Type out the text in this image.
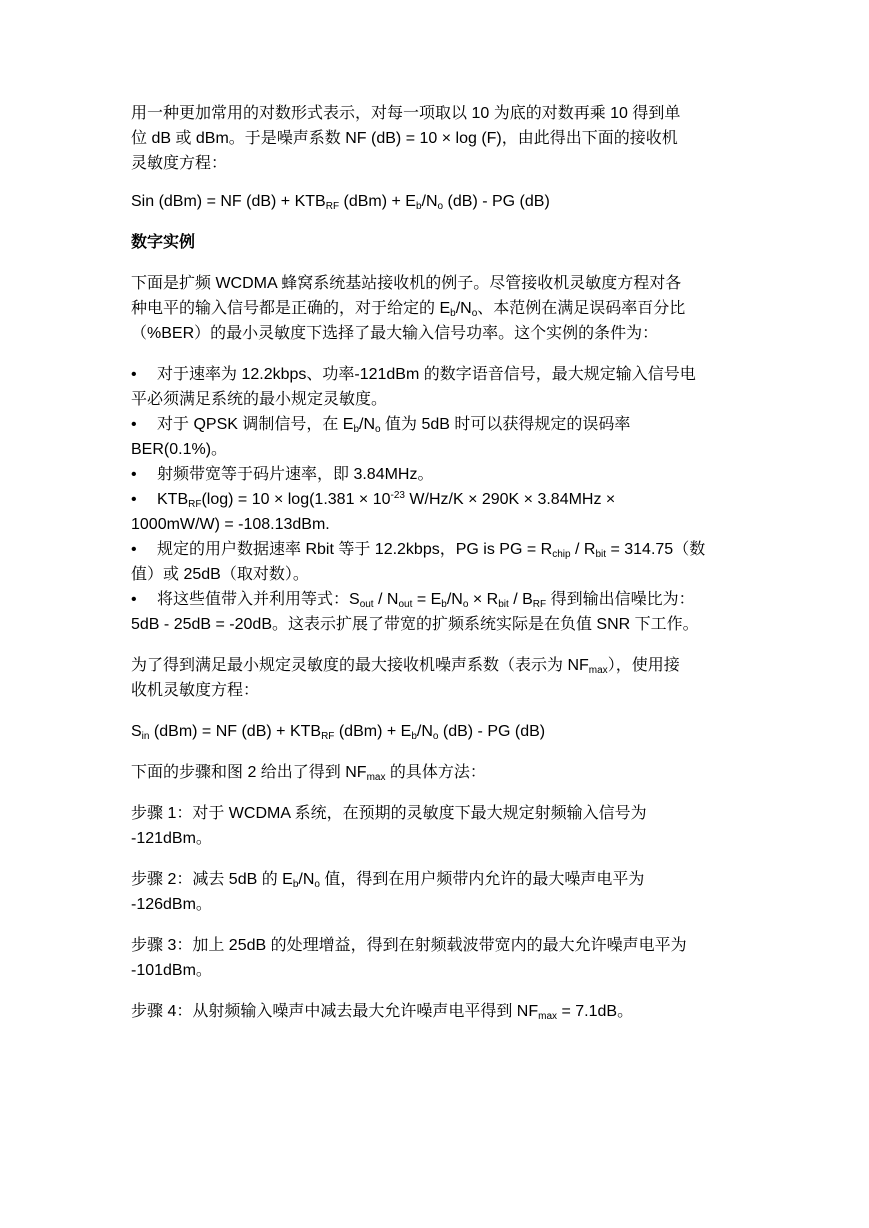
用一种更加常用的对数形式表示，对每一项取以 10 为底的对数再乘 10 得到单
位 dB 或 dBm。于是噪声系数 NF (dB) = 10 × log (F)，由此得出下面的接收机
灵敏度方程：

Sin (dBm) = NF $(dB) + KTB_{RF}$ $(dBm) + E_b/N_o$ (dB) - PG (dB)

数字实例

下面是扩频 WCDMA 蜂窝系统基站接收机的例子。尽管接收机灵敏度方程对各
种电平的输入信号都是正确的，对于给定的 $E_b/N_o$、本范例在满足误码率百分比
（%BER）的最小灵敏度下选择了最大输入信号功率。这个实例的条件为：

• 对于速率为 12.2kbps、功率-121dBm 的数字语音信号，最大规定输入信号电
平必须满足系统的最小规定灵敏度。

• 对于 QPSK 调制信号，在 $E_b/N_o$ 值为 5dB 时可以获得规定的误码率
BER(0.1%)。

• 射频带宽等于码片速率，即 3.84MHz。

• $KTB_{RF}(\log) = 10 \times \log(1.381 \times 10^{-23}$ W/Hz/K × 290K × 3.84MHz ×
1000mW/W) = -108.13dBm.

• 规定的用户数据速率 Rbit 等于 12.2kbps，PG is PG = $R_{chip} / R_{bit} = 314.75$（数
值）或 25dB（取对数）。

• 将这些值带入并利用等式：$S_{out} / N_{out} = E_b/N_o \times R_{bit} / B_{RF}$ 得到输出信噪比为：
5dB - 25dB = -20dB。这表示扩展了带宽的扩频系统实际是在负值 SNR 下工作。

为了得到满足最小规定灵敏度的最大接收机噪声系数（表示为 $NF_{max}$），使用接
收机灵敏度方程：

$S_{in}$ (dBm) = NF $(dB) + KTB_{RF}$ $(dBm) + E_b/N_o$ (dB) - PG (dB)

下面的步骤和图 2 给出了得到 $NF_{max}$ 的具体方法：

步骤 1：对于 WCDMA 系统，在预期的灵敏度下最大规定射频输入信号为
-121dBm。

步骤 2：减去 5dB 的 $E_b/N_o$ 值，得到在用户频带内允许的最大噪声电平为
-126dBm。

步骤 3：加上 25dB 的处理增益，得到在射频载波带宽内的最大允许噪声电平为
-101dBm。

步骤 4：从射频输入噪声中减去最大允许噪声电平得到 $NF_{max} = 7.1dB$。
